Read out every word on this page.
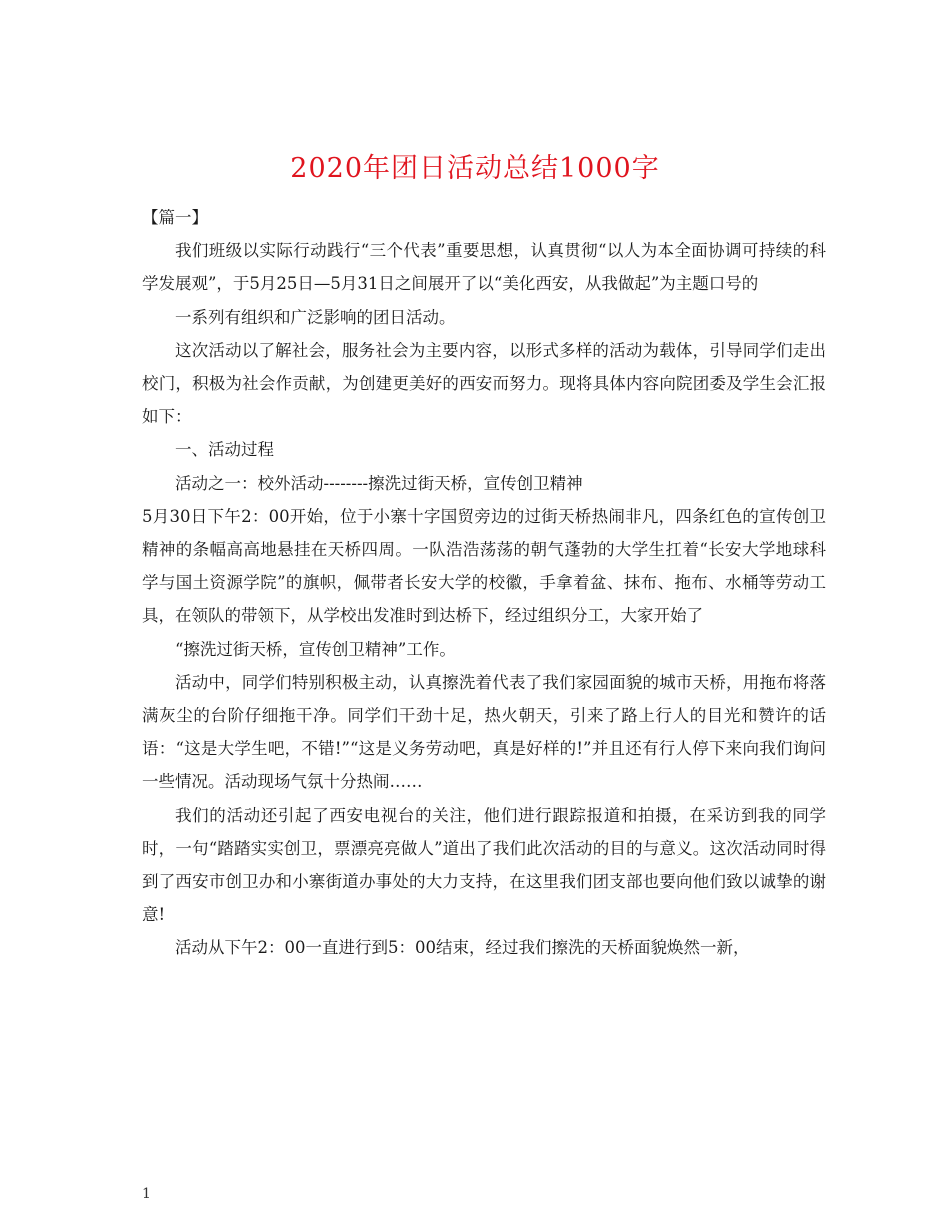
2020年团日活动总结1000字

【篇一】

我们班级以实际行动践行“三个代表”重要思想，认真贯彻“以人为本全面协调可持续的科学发展观”，于5月25日—5月31日之间展开了以“美化西安，从我做起”为主题口号的

一系列有组织和广泛影响的团日活动。

这次活动以了解社会，服务社会为主要内容，以形式多样的活动为载体，引导同学们走出校门，积极为社会作贡献，为创建更美好的西安而努力。现将具体内容向院团委及学生会汇报如下：

一、活动过程

活动之一：校外活动--------擦洗过街天桥，宣传创卫精神

5月30日下午2：00开始，位于小寨十字国贸旁边的过街天桥热闹非凡，四条红色的宣传创卫精神的条幅高高地悬挂在天桥四周。一队浩浩荡荡的朝气蓬勃的大学生扛着“长安大学地球科学与国土资源学院”的旗帜，佩带者长安大学的校徽，手拿着盆、抹布、拖布、水桶等劳动工具，在领队的带领下，从学校出发准时到达桥下，经过组织分工，大家开始了

“擦洗过街天桥，宣传创卫精神”工作。

活动中，同学们特别积极主动，认真擦洗着代表了我们家园面貌的城市天桥，用拖布将落满灰尘的台阶仔细拖干净。同学们干劲十足，热火朝天，引来了路上行人的目光和赞许的话语：“这是大学生吧，不错!”“这是义务劳动吧，真是好样的!”并且还有行人停下来向我们询问一些情况。活动现场气氛十分热闹……

我们的活动还引起了西安电视台的关注，他们进行跟踪报道和拍摄，在采访到我的同学时，一句“踏踏实实创卫，票漂亮亮做人”道出了我们此次活动的目的与意义。这次活动同时得到了西安市创卫办和小寨街道办事处的大力支持，在这里我们团支部也要向他们致以诚挚的谢意!

活动从下午2：00一直进行到5：00结束，经过我们擦洗的天桥面貌焕然一新，

1
